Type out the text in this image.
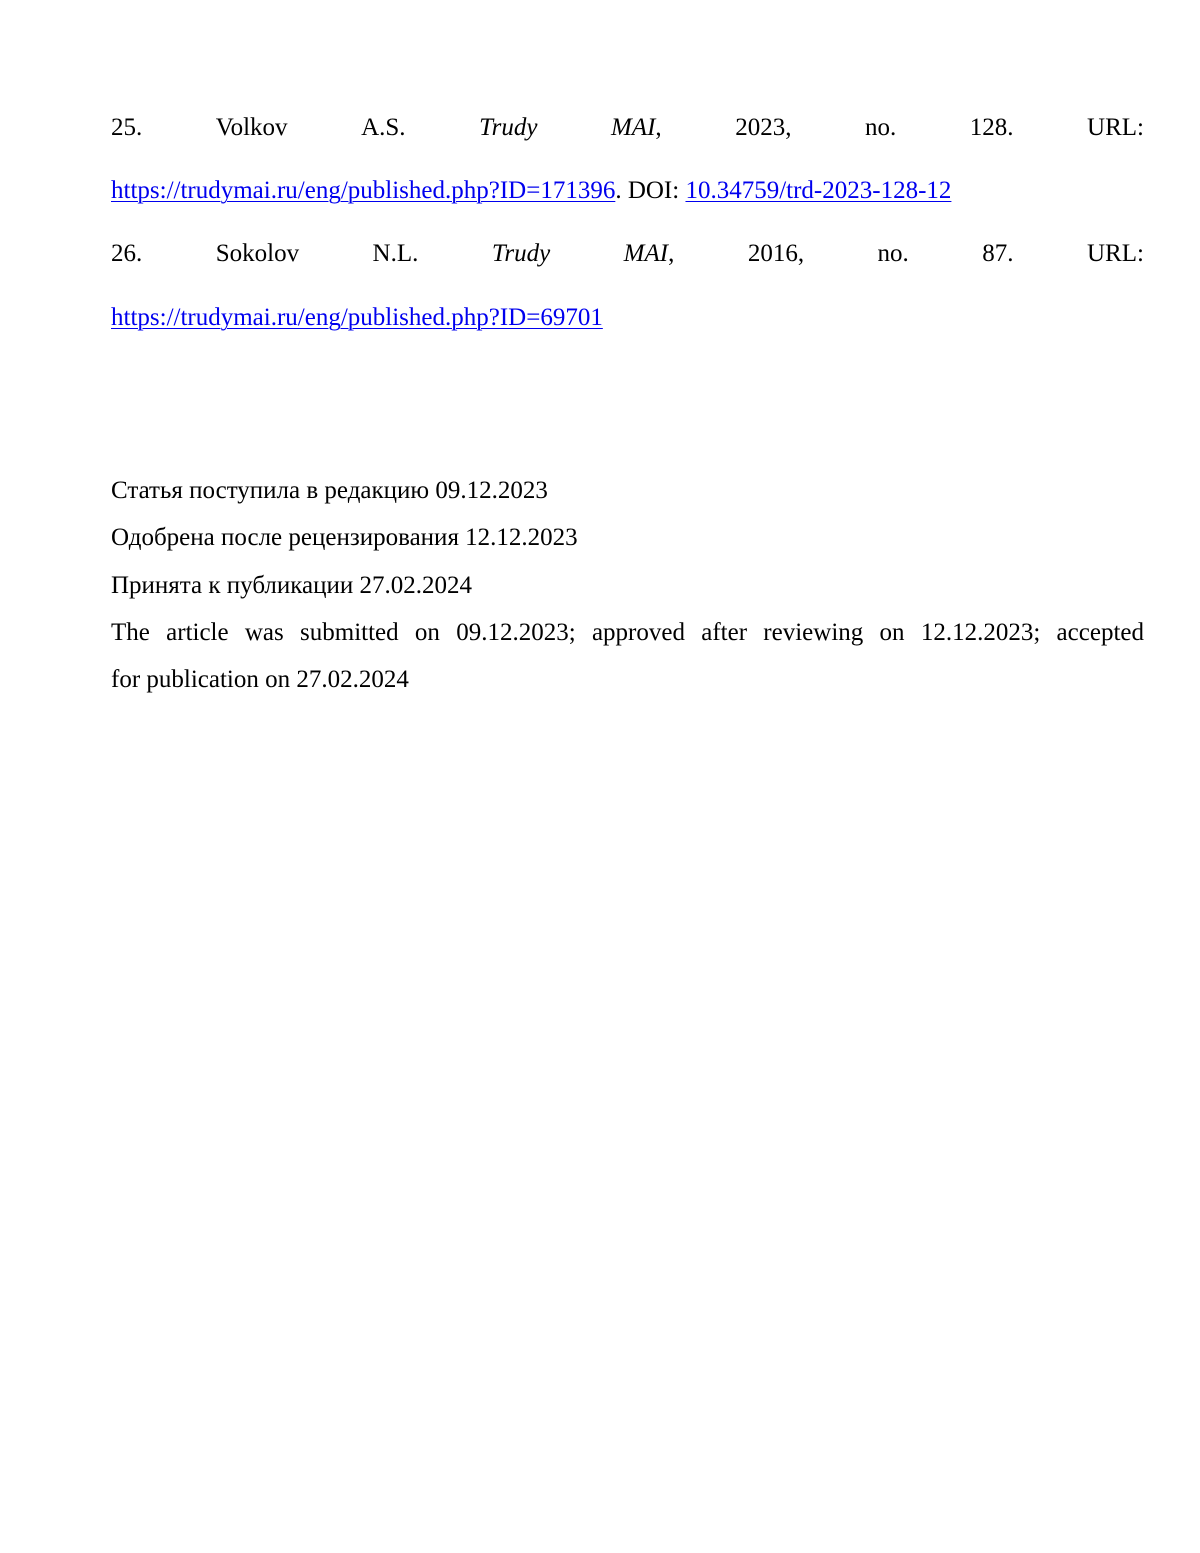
25.	Volkov	A.S.	Trudy	MAI,	2023,	no.	128.	URL:
https://trudymai.ru/eng/published.php?ID=171396. DOI: 10.34759/trd-2023-128-12
26.	Sokolov	N.L.	Trudy	MAI,	2016,	no.	87.	URL:
https://trudymai.ru/eng/published.php?ID=69701
Статья поступила в редакцию 09.12.2023
Одобрена после рецензирования 12.12.2023
Принята к публикации 27.02.2024
The article was submitted on 09.12.2023; approved after reviewing on 12.12.2023; accepted
for publication on 27.02.2024
